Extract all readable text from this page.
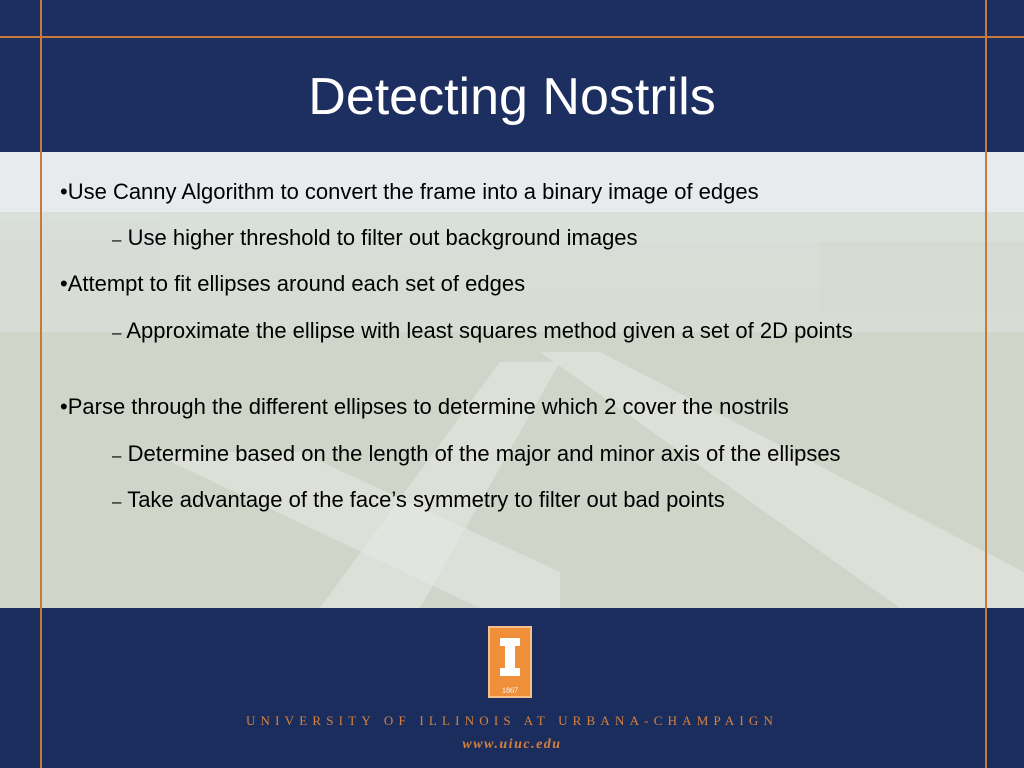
Detecting Nostrils
•Use Canny Algorithm to convert the frame into a binary image of edges
– Use higher threshold to filter out background images
•Attempt to fit ellipses around each set of edges
– Approximate the ellipse with least squares method given a set of 2D points
•Parse through the different ellipses to determine which 2 cover the nostrils
– Determine based on the length of the major and minor axis of the ellipses
– Take advantage of the face’s symmetry to filter out bad points
I
1867
UNIVERSITY OF ILLINOIS AT URBANA-CHAMPAIGN
www.uiuc.edu
